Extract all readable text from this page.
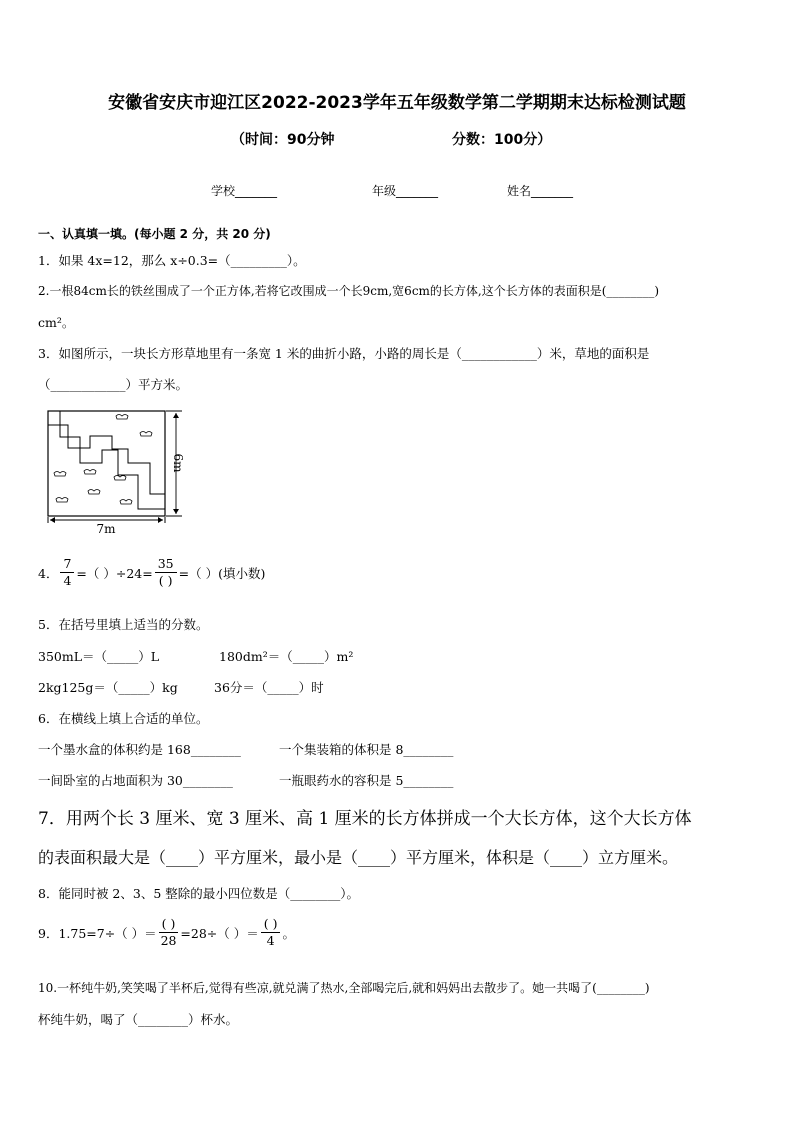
安徽省安庆市迎江区2022-2023学年五年级数学第二学期期末达标检测试题
（时间：90分钟	分数：100分）
学校_______	年级_______	姓名_______
一、认真填一填。(每小题 2 分，共 20 分)
1．如果 4x=12，那么 x÷0.3=（_________）。
2.一根84cm长的铁丝围成了一个正方体,若将它改围成一个长9cm,宽6cm的长方体,这个长方体的表面积是(________)
cm²。
3．如图所示，一块长方形草地里有一条宽 1 米的曲折小路，小路的周长是（____________）米，草地的面积是
（____________）平方米。
7m
6m
4． $\frac{7}{4}$ =（ ）$\div 24= \frac{35}{( )}$ =（ ）(填小数)
5．在括号里填上适当的分数。
350mL＝（_____）L	180dm²＝（_____）m²
2kg125g＝（_____）kg	36分＝（_____）时
6．在横线上填上合适的单位。
一个墨水盒的体积约是 168________	一个集装箱的体积是 8________
一间卧室的占地面积为 30________	一瓶眼药水的容积是 5________
7．用两个长 3 厘米、宽 3 厘米、高 1 厘米的长方体拼成一个大长方体，这个大长方体
的表面积最大是（____）平方厘米，最小是（____）平方厘米，体积是（____）立方厘米。
8．能同时被 2、3、5 整除的最小四位数是（________）。
9．1.75=7÷（ ）＝ $\frac{( )}{28} =28\div$（ ）＝ $\frac{( )}{4}$ 。
10.一杯纯牛奶,笑笑喝了半杯后,觉得有些凉,就兑满了热水,全部喝完后,就和妈妈出去散步了。她一共喝了(________)
杯纯牛奶，喝了（________）杯水。
